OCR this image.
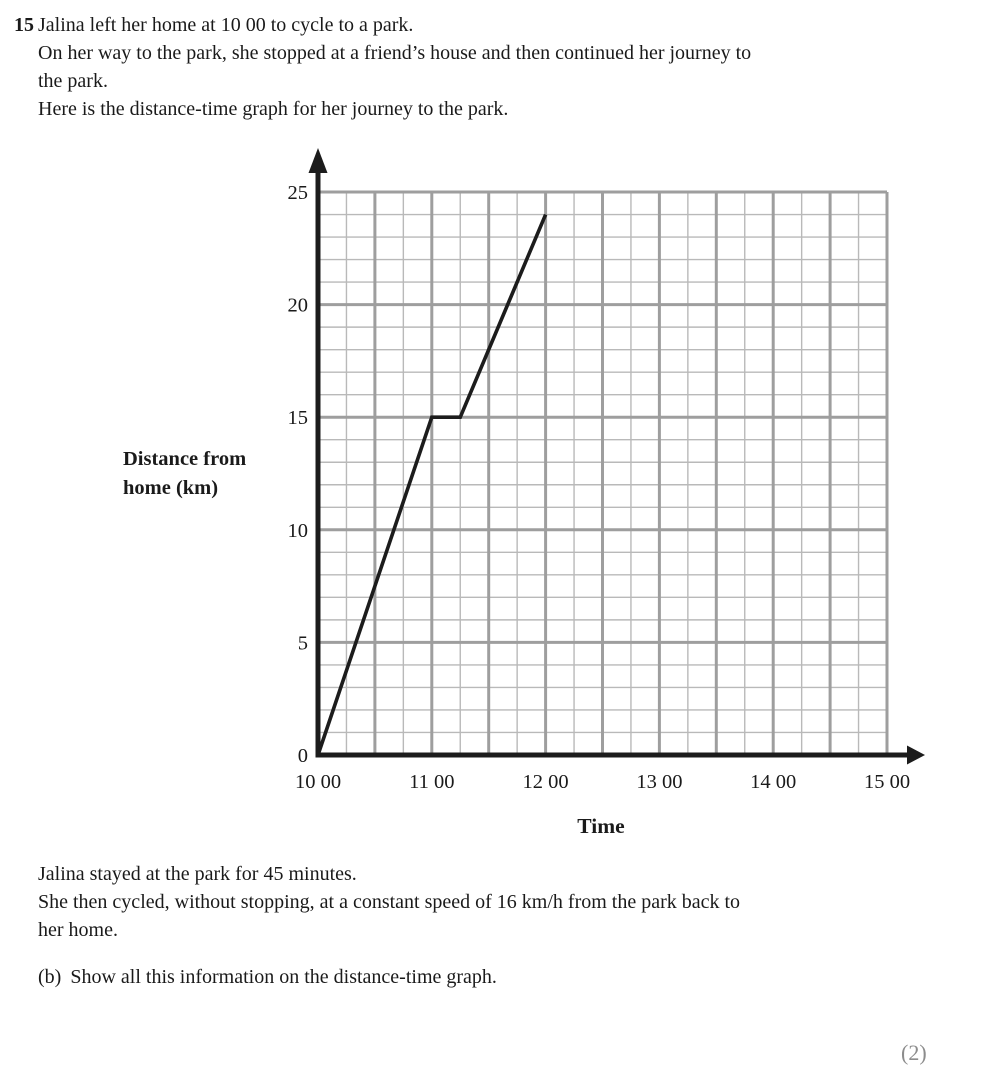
15 Jalina left her home at 10 00 to cycle to a park.
On her way to the park, she stopped at a friend’s house and then continued her journey to
the park.
Here is the distance-time graph for her journey to the park.
0
5
10
15
20
25
10 00	11 00	12 00	13 00	14 00	15 00
Distance from
home (km)
Time
Jalina stayed at the park for 45 minutes.
She then cycled, without stopping, at a constant speed of 16 km/h from the park back to
her home.
(b) Show all this information on the distance-time graph.
(2)
